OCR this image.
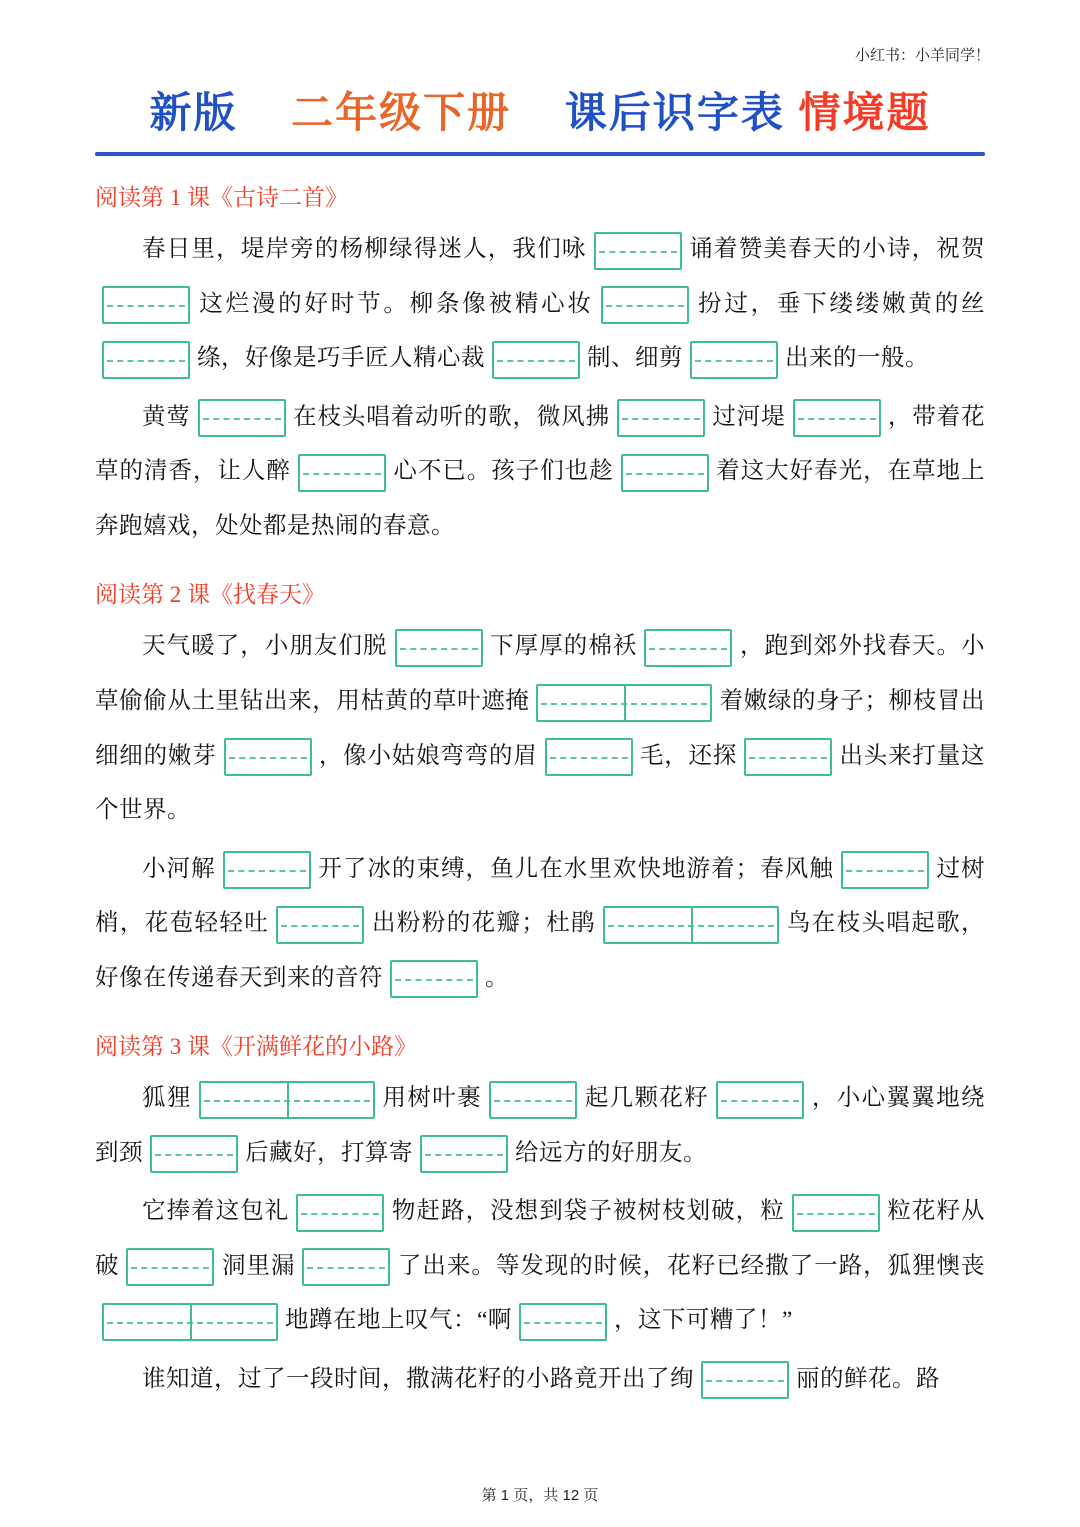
小红书：小羊同学！
新版 二年级下册 课后识字表 情境题
阅读第 1 课《古诗二首》

春日里，堤岸旁的杨柳绿得迷人，我们咏	诵着赞美春天的小诗，祝贺这烂漫的好时节。柳条像被精心妆	扮过，垂下缕缕嫩黄的丝绦，好像是巧手匠人精心裁	制、细剪	出来的一般。

黄莺	在枝头唱着动听的歌，微风拂	过河堤	，带着花草的清香，让人醉	心不已。孩子们也趁	着这大好春光，在草地上奔跑嬉戏，处处都是热闹的春意。

阅读第 2 课《找春天》

天气暖了，小朋友们脱	下厚厚的棉袄	，跑到郊外找春天。小草偷偷从土里钻出来，用枯黄的草叶遮掩	着嫩绿的身子；柳枝冒出细细的嫩芽	，像小姑娘弯弯的眉	毛，还探	出头来打量这个世界。

小河解	开了冰的束缚，鱼儿在水里欢快地游着；春风触	过树梢，花苞轻轻吐	出粉粉的花瓣；杜鹃	鸟在枝头唱起歌，好像在传递春天到来的音符	。

阅读第 3 课《开满鲜花的小路》

狐狸	用树叶裹	起几颗花籽	，小心翼翼地绕到颈	后藏好，打算寄	给远方的好朋友。

它捧着这包礼	物赶路，没想到袋子被树枝划破，粒	粒花籽从破	洞里漏	了出来。等发现的时候，花籽已经撒了一路，狐狸懊丧
地蹲在地上叹气：“啊	，这下可糟了！”

谁知道，过了一段时间，撒满花籽的小路竟开出了绚	丽的鲜花。路

第 1 页，共 12 页
